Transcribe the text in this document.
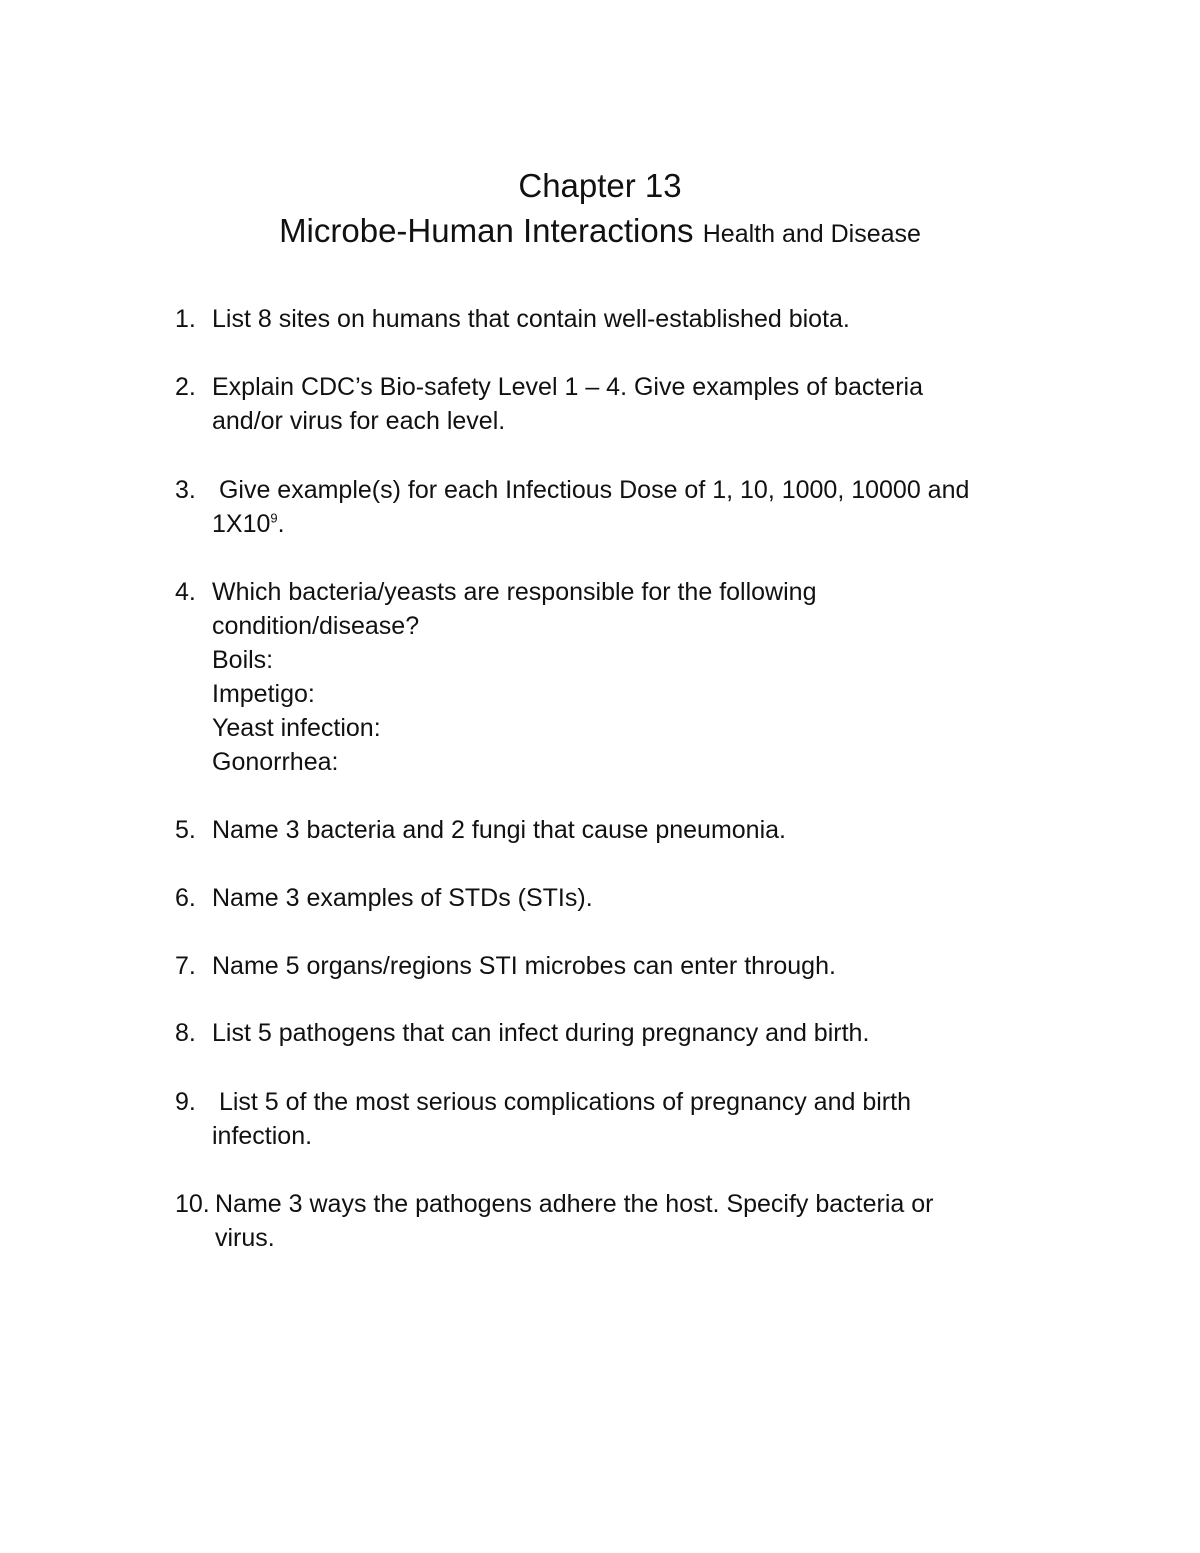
Chapter 13
Microbe-Human Interactions Health and Disease
1. List 8 sites on humans that contain well-established biota.
2. Explain CDC’s Bio-safety Level 1 – 4. Give examples of bacteria
and/or virus for each level.
3. Give example(s) for each Infectious Dose of 1, 10, 1000, 10000 and
$1X10^9$.
4. Which bacteria/yeasts are responsible for the following
condition/disease?
Boils:
Impetigo:
Yeast infection:
Gonorrhea:
5. Name 3 bacteria and 2 fungi that cause pneumonia.
6. Name 3 examples of STDs (STIs).
7. Name 5 organs/regions STI microbes can enter through.
8. List 5 pathogens that can infect during pregnancy and birth.
9. List 5 of the most serious complications of pregnancy and birth
infection.
10. Name 3 ways the pathogens adhere the host. Specify bacteria or
virus.
